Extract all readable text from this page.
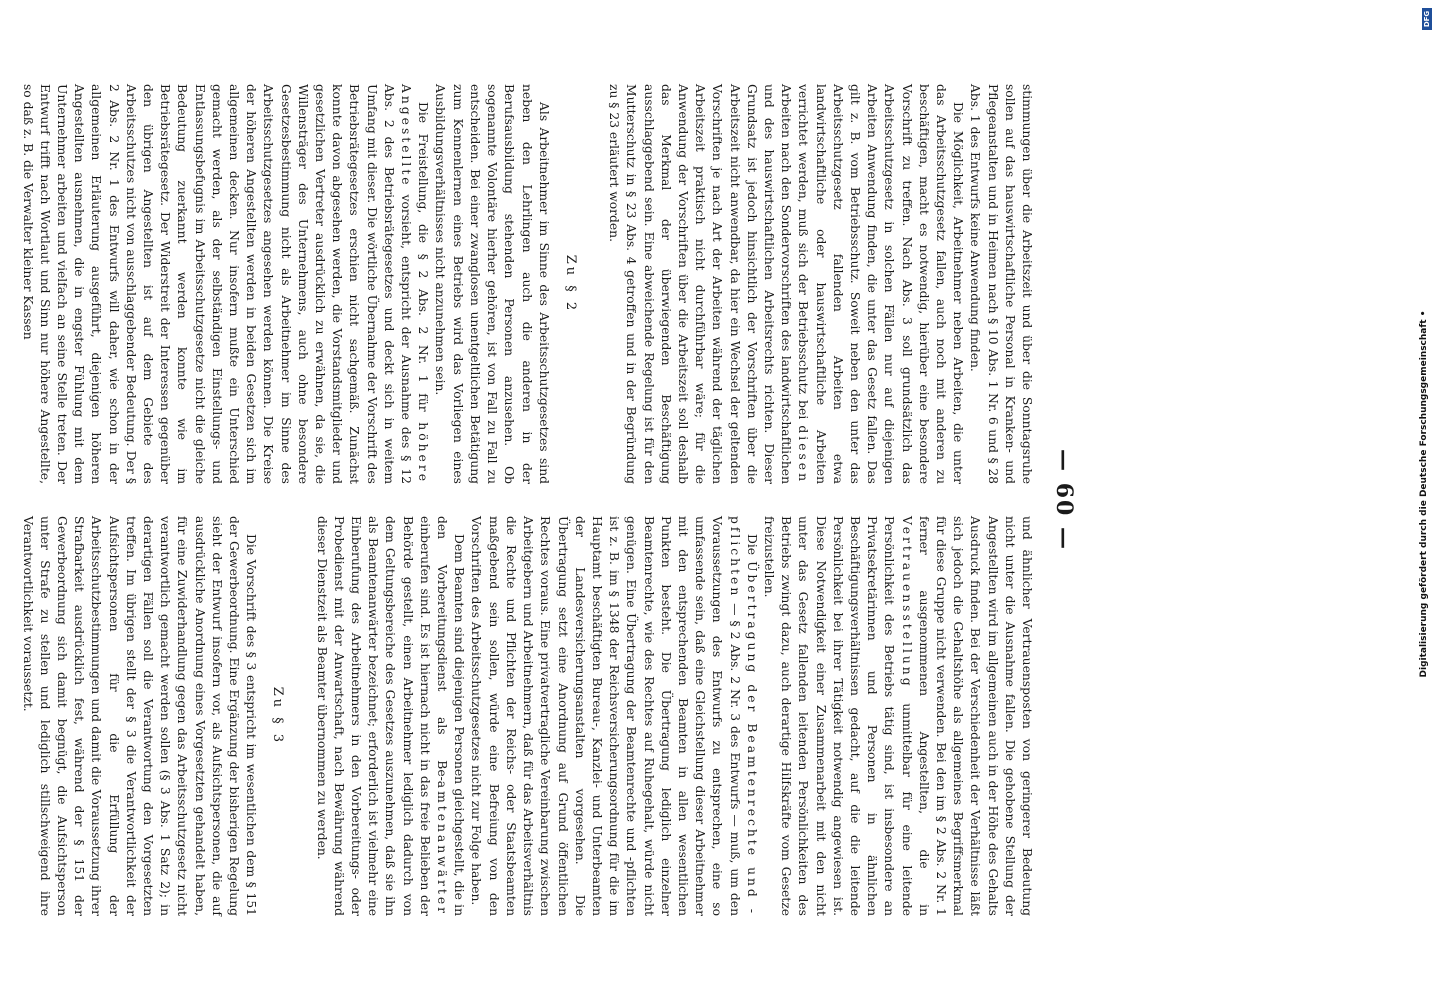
— 60 —

stimmungen über die Arbeitszeit und über die Sonntagsruhe sollen auf das hauswirtschaftliche Personal in Kranken- und Pflegeanstalten und in Heimen nach § 10 Abs. 1 Nr. 6 und § 28 Abs. 1 des Entwurfs keine Anwendung finden.

Die Möglichkeit, Arbeitnehmer neben Arbeiten, die unter das Arbeitsschutzgesetz fallen, auch noch mit anderen zu beschäftigen, macht es notwendig, hierüber eine besondere Vorschrift zu treffen. Nach Abs. 3 soll grundsätzlich das Arbeitsschutzgesetz in solchen Fällen nur auf diejenigen Arbeiten Anwendung finden, die unter das Gesetz fallen. Das gilt z. B. vom Betriebsschutz. Soweit neben den unter das Arbeitsschutzgesetz fallenden Arbeiten etwa landwirtschaftliche oder hauswirtschaftliche Arbeiten verrichtet werden, muß sich der Betriebsschutz bei diesen Arbeiten nach den Sondervorschriften des landwirtschaftlichen und des hauswirtschaftlichen Arbeitsrechts richten. Dieser Grundsatz ist jedoch hinsichtlich der Vorschriften über die Arbeitszeit nicht anwendbar, da hier ein Wechsel der geltenden Vorschriften je nach Art der Arbeiten während der täglichen Arbeitszeit praktisch nicht durchführbar wäre; für die Anwendung der Vorschriften über die Arbeitszeit soll deshalb das Merkmal der überwiegenden Beschäftigung ausschlaggebend sein. Eine abweichende Regelung ist für den Mutterschutz in § 23 Abs. 4 getroffen und in der Begründung zu § 23 erläutert worden.

Zu § 2

Als Arbeitnehmer im Sinne des Arbeitsschutzgesetzes sind neben den Lehrlingen auch die anderen in der Berufsausbildung stehenden Personen anzusehen. Ob sogenannte Volontäre hierher gehören, ist von Fall zu Fall zu entscheiden. Bei einer zwanglosen unentgeltlichen Betätigung zum Kennenlernen eines Betriebs wird das Vorliegen eines Ausbildungsverhältnisses nicht anzunehmen sein.

Die Freistellung, die § 2 Abs. 2 Nr. 1 für höhere Angestellte vorsieht, entspricht der Ausnahme des § 12 Abs. 2 des Betriebsrätegesetzes und deckt sich in weitem Umfang mit dieser. Die wörtliche Übernahme der Vorschrift des Betriebsrätegesetzes erschien nicht sachgemäß. Zunächst konnte davon abgesehen werden, die Vorstandsmitglieder und gesetzlichen Vertreter ausdrücklich zu erwähnen, da sie, die Willensträger des Unternehmens, auch ohne besondere Gesetzesbestimmung nicht als Arbeitnehmer im Sinne des Arbeitsschutzgesetzes angesehen werden können. Die Kreise der höheren Angestellten werden in beiden Gesetzen sich im allgemeinen decken. Nur insofern mußte ein Unterschied gemacht werden, als der selbständigen Einstellungs- und Entlassungsbefugnis im Arbeitsschutzgesetze nicht die gleiche Bedeutung zuerkannt werden konnte wie im Betriebsrätegesetz. Der Widerstreit der Interessen gegenüber den übrigen Angestellten ist auf dem Gebiete des Arbeitsschutzes nicht von ausschlaggebender Bedeutung. Der § 2 Abs. 2 Nr. 1 des Entwurfs will daher, wie schon in der allgemeinen Erläuterung ausgeführt, diejenigen höheren Angestellten ausnehmen, die in engster Fühlung mit dem Unternehmer arbeiten und vielfach an seine Stelle treten. Der Entwurf trifft nach Wortlaut und Sinn nur höhere Angestellte, so daß z. B. die Verwalter kleiner Kassen

und ähnlicher Vertrauensposten von geringerer Bedeutung nicht unter die Ausnahme fallen. Die gehobene Stellung der Angestellten wird im allgemeinen auch in der Höhe des Gehalts Ausdruck finden. Bei der Verschiedenheit der Verhältnisse läßt sich jedoch die Gehaltshöhe als allgemeines Begriffsmerkmal für diese Gruppe nicht verwenden. Bei den im § 2 Abs. 2 Nr. 1 ferner ausgenommenen Angestellten, die in Vertrauensstellung unmittelbar für eine leitende Persönlichkeit des Betriebs tätig sind, ist insbesondere an Privatsekretärinnen und Personen in ähnlichen Beschäftigungsverhältnissen gedacht, auf die die leitende Persönlichkeit bei ihrer Tätigkeit notwendig angewiesen ist. Diese Notwendigkeit einer Zusammenarbeit mit den nicht unter das Gesetz fallenden leitenden Persönlichkeiten des Betriebs zwingt dazu, auch derartige Hilfskräfte vom Gesetze freizustellen.

Die Übertragung der Beamtenrechte und -pflichten — § 2 Abs. 2 Nr. 3 des Entwurfs — muß, um den Voraussetzungen des Entwurfs zu entsprechen, eine so umfassende sein, daß eine Gleichstellung dieser Arbeitnehmer mit den entsprechenden Beamten in allen wesentlichen Punkten besteht. Die Übertragung lediglich einzelner Beamtenrechte, wie des Rechtes auf Ruhegehalt, würde nicht genügen. Eine Übertragung der Beamtenrechte und -pflichten ist z. B. im § 1348 der Reichsversicherungsordnung für die im Hauptamt beschäftigten Bureau-, Kanzlei- und Unterbeamten der Landesversicherungsanstalten vorgesehen. Die Übertragung setzt eine Anordnung auf Grund öffentlichen Rechtes voraus. Eine privatvertragliche Vereinbarung zwischen Arbeitgebern und Arbeitnehmern, daß für das Arbeitsverhältnis die Rechte und Pflichten der Reichs- oder Staatsbeamten maßgebend sein sollen, würde eine Befreiung von den Vorschriften des Arbeitsschutzgesetzes nicht zur Folge haben.

Dem Beamten sind diejenigen Personen gleichgestellt, die in den Vorbereitungsdienst als Be-amtenanwärter einberufen sind. Es ist hiernach nicht in das freie Belieben der Behörde gestellt, einen Arbeitnehmer lediglich dadurch von dem Geltungsbereiche des Gesetzes auszunehmen, daß sie ihn als Beamtenanwärter bezeichnet; erforderlich ist vielmehr eine Einberufung des Arbeitnehmers in den Vorbereitungs- oder Probedienst mit der Anwartschaft, nach Bewährung während dieser Dienstzeit als Beamter übernommen zu werden.

Zu § 3

Die Vorschrift des § 3 entspricht im wesentlichen dem § 151 der Gewerbeordnung. Eine Ergänzung der bisherigen Regelung sieht der Entwurf insofern vor, als Aufsichtspersonen, die auf ausdrückliche Anordnung eines Vorgesetzten gehandelt haben, für eine Zuwiderhandlung gegen das Arbeitsschutzgesetz nicht verantwortlich gemacht werden sollen (§ 3 Abs. 1 Satz 2); in derartigen Fällen soll die Verantwortung den Vorgesetzten treffen. Im übrigen stellt der § 3 die Verantwortlichkeit der Aufsichtspersonen für die Erfüllung der Arbeitsschutzbestimmungen und damit die Voraussetzung ihrer Strafbarkeit ausdrücklich fest, während der § 151 der Gewerbeordnung sich damit begnügt, die Aufsichtsperson unter Strafe zu stellen und lediglich stillschweigend ihre Verantwortlichkeit voraussetzt.

DFG
Digitalisierung gefördert durch die Deutsche Forschungsgemeinschaft •
